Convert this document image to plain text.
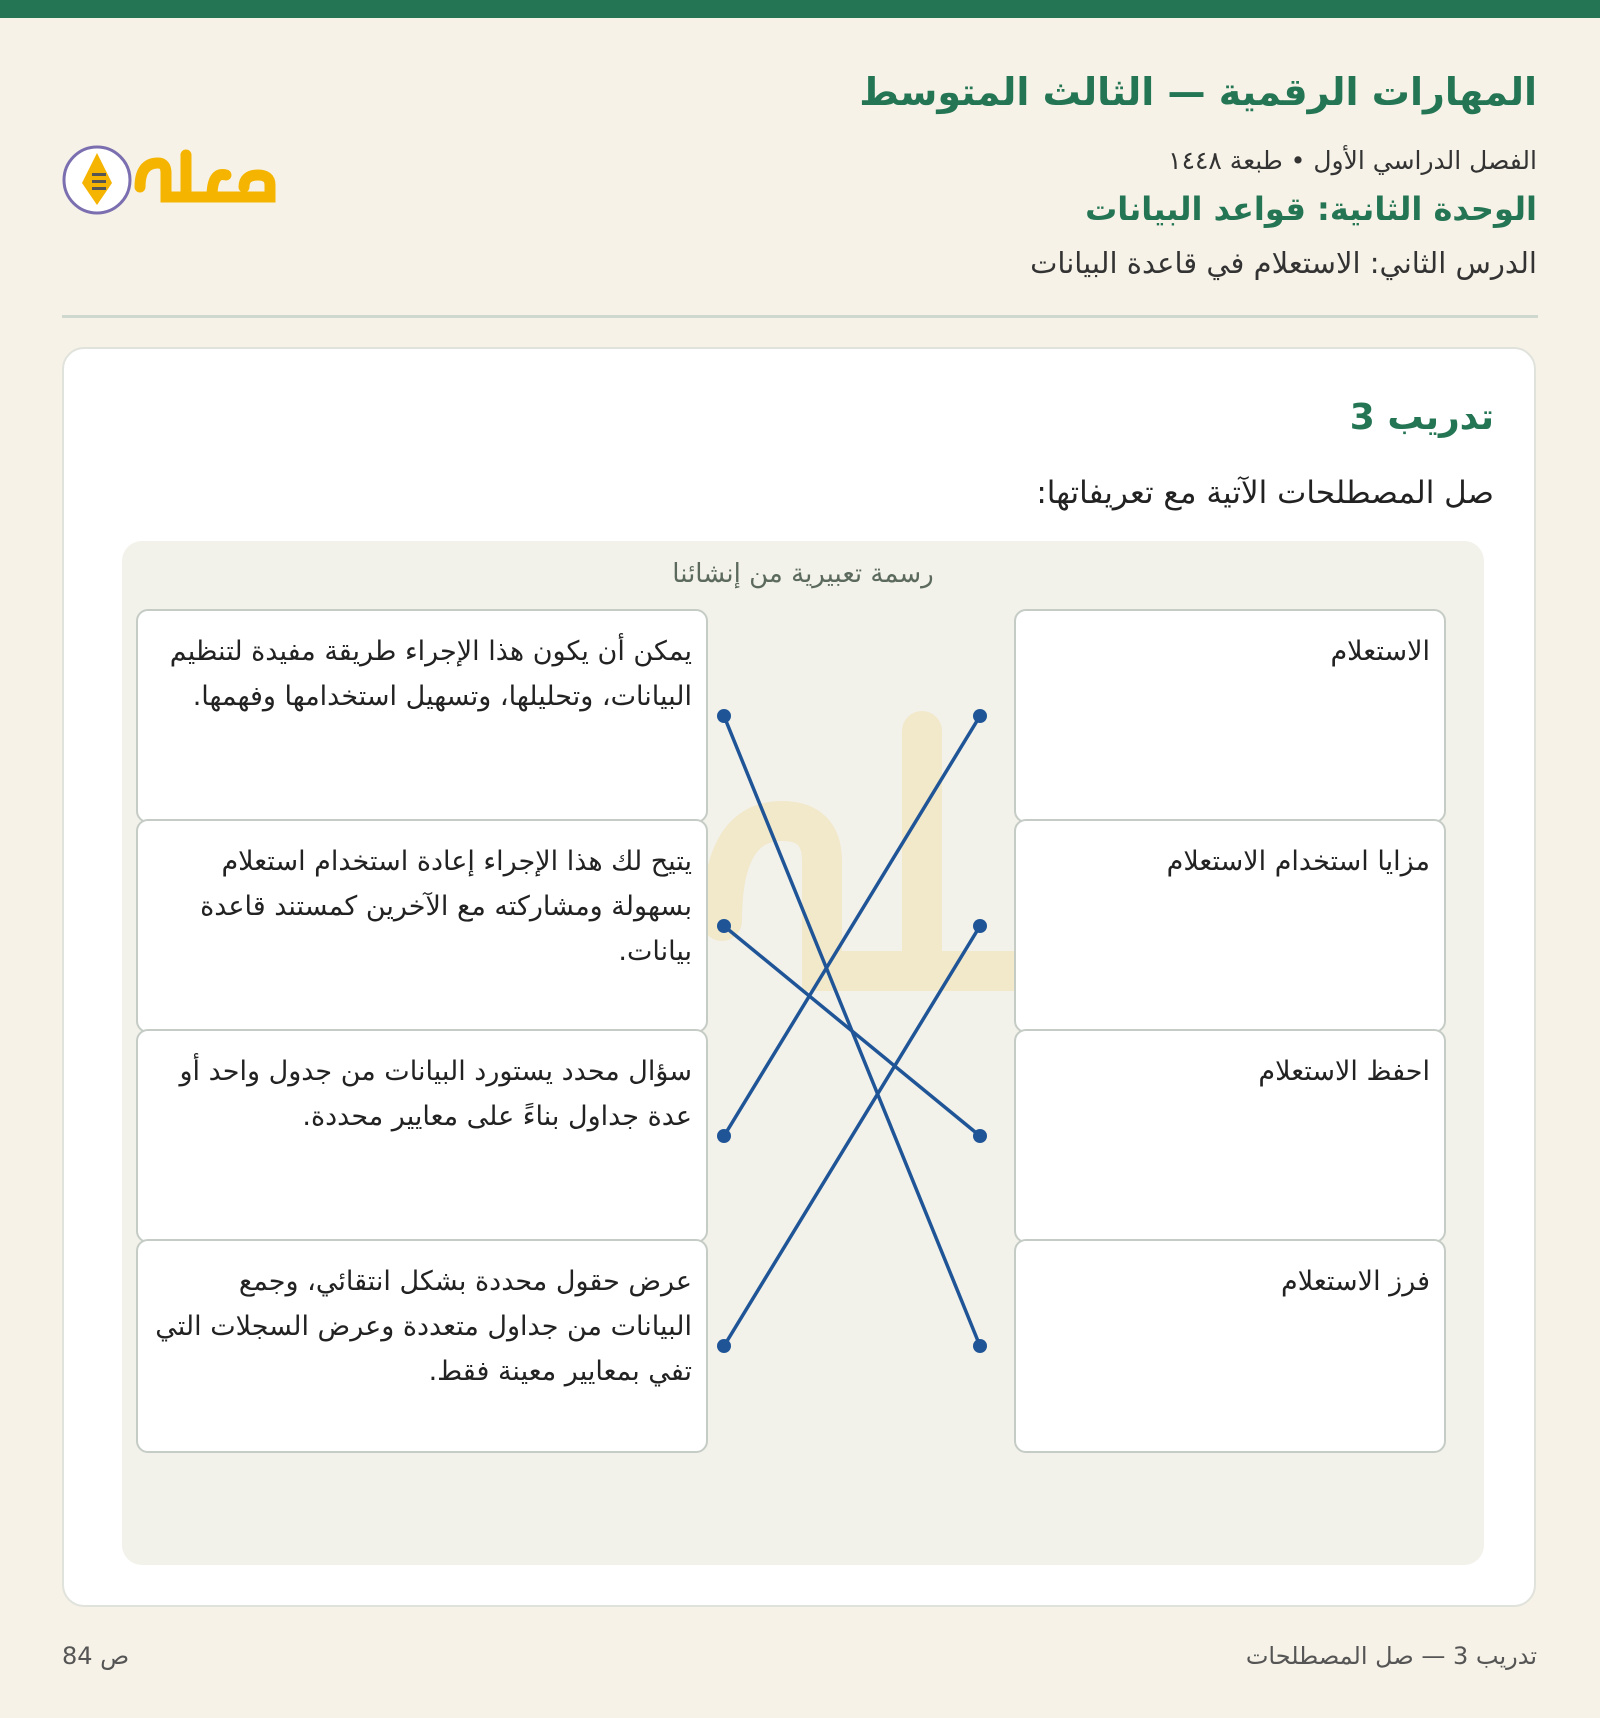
المهارات الرقمية — الثالث المتوسط
الفصل الدراسي الأول • طبعة ١٤٤٨
الوحدة الثانية: قواعد البيانات
الدرس الثاني: الاستعلام في قاعدة البيانات
تدريب 3
صل المصطلحات الآتية مع تعريفاتها:
رسمة تعبيرية من إنشائنا
الاستعلام
مزايا استخدام الاستعلام
احفظ الاستعلام
فرز الاستعلام
يمكن أن يكون هذا الإجراء طريقة مفيدة لتنظيم البيانات، وتحليلها، وتسهيل استخدامها وفهمها.
يتيح لك هذا الإجراء إعادة استخدام استعلام بسهولة ومشاركته مع الآخرين كمستند قاعدة بيانات.
سؤال محدد يستورد البيانات من جدول واحد أو عدة جداول بناءً على معايير محددة.
عرض حقول محددة بشكل انتقائي، وجمع البيانات من جداول متعددة وعرض السجلات التي تفي بمعايير معينة فقط.
تدريب 3 — صل المصطلحات
ص 84
